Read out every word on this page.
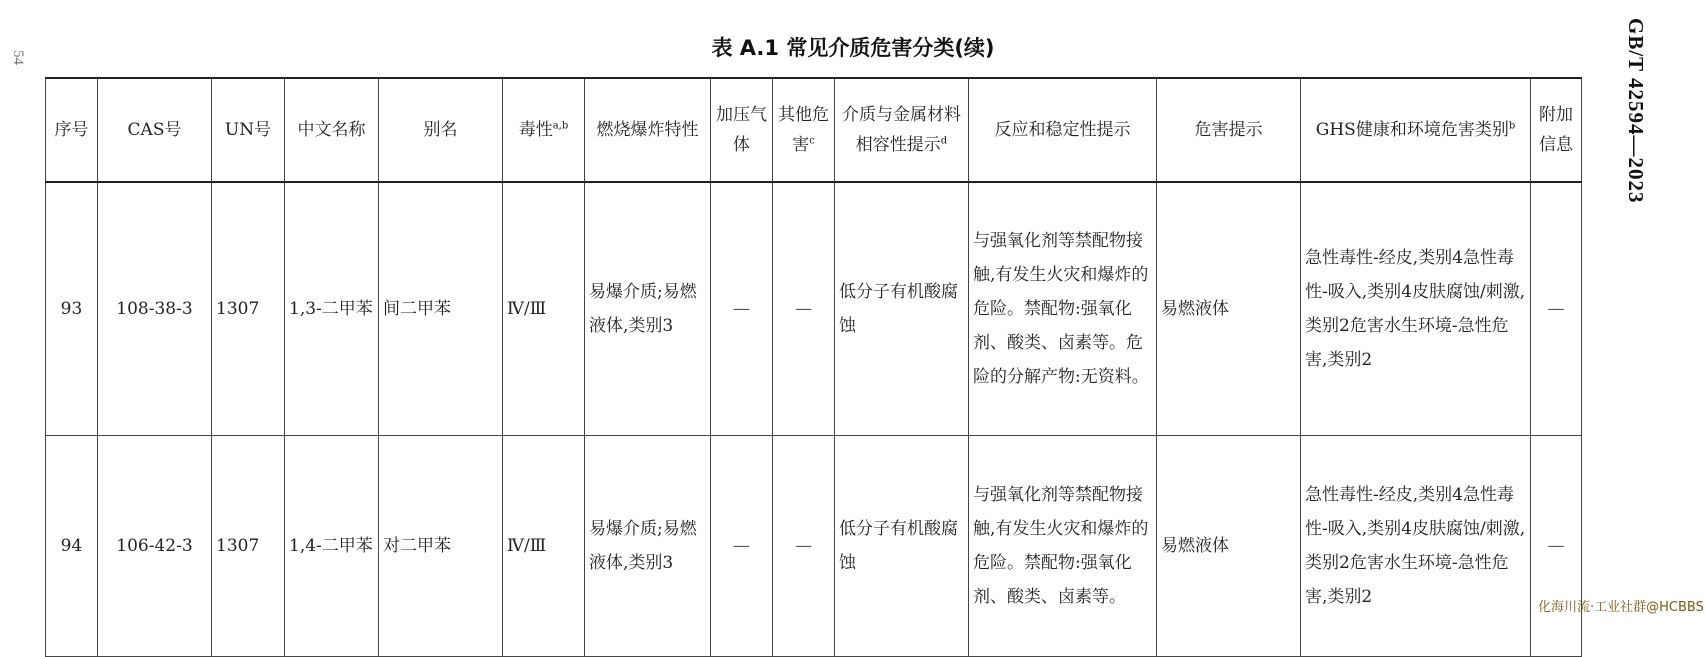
54	GB/T 42594—2023
表 A.1 常见介质危害分类(续)
序号	CAS号	UN号	中文名称	别名	毒性$^{a,b}$	燃烧爆炸特性	加压气体	其他危害$^c$	介质与金属材料相容性提示$^d$	反应和稳定性提示	危害提示	GHS健康和环境危害类别$^b$	附加信息
93	108-38-3	1307	1,3-二甲苯	间二甲苯	Ⅳ/Ⅲ	易爆介质;易燃液体,类别3	—	—	低分子有机酸腐蚀	与强氧化剂等禁配物接触,有发生火灾和爆炸的危险。禁配物:强氧化剂、酸类、卤素等。危险的分解产物:无资料。	易燃液体	急性毒性-经皮,类别4急性毒性-吸入,类别4皮肤腐蚀/刺激,类别2危害水生环境-急性危害,类别2	—
94	106-42-3	1307	1,4-二甲苯	对二甲苯	Ⅳ/Ⅲ	易爆介质;易燃液体,类别3	—	—	低分子有机酸腐蚀	与强氧化剂等禁配物接触,有发生火灾和爆炸的危险。禁配物:强氧化剂、酸类、卤素等。	易燃液体	急性毒性-经皮,类别4急性毒性-吸入,类别4皮肤腐蚀/刺激,类别2危害水生环境-急性危害,类别2	—
化海川流·工业社群@HCBBS
